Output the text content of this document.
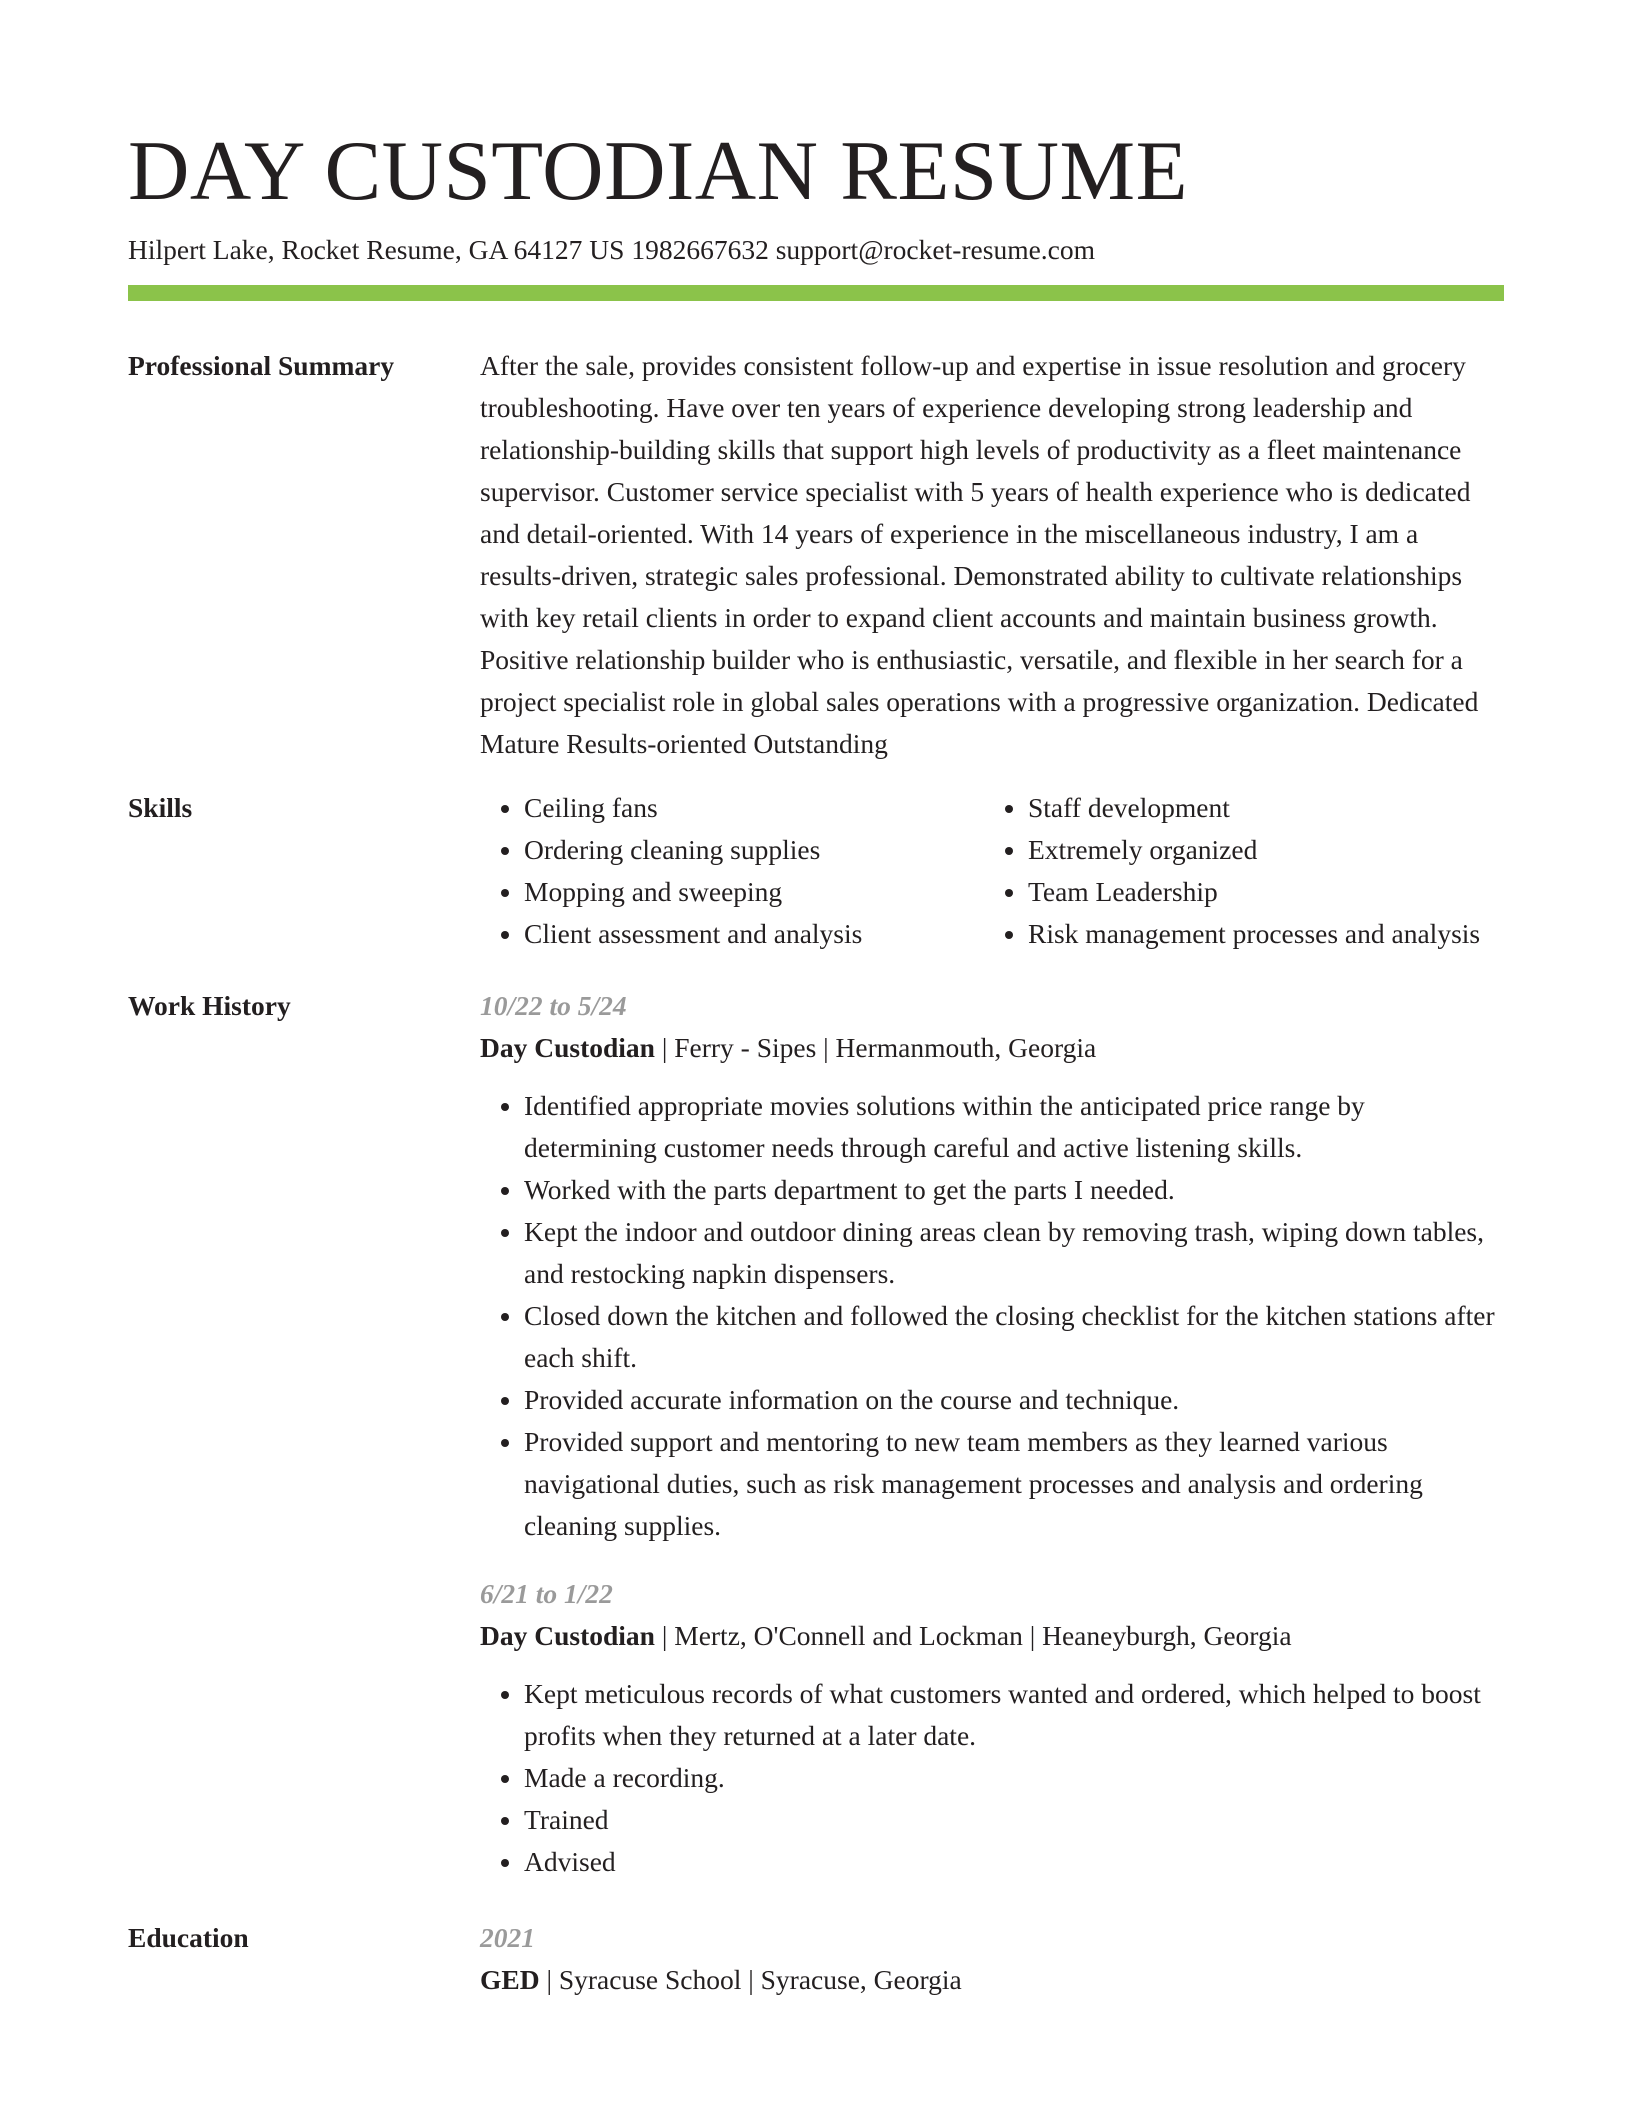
DAY CUSTODIAN RESUME
Hilpert Lake, Rocket Resume, GA 64127 US 1982667632 support@rocket-resume.com
Professional Summary	After the sale, provides consistent follow-up and expertise in issue resolution and grocery troubleshooting. Have over ten years of experience developing strong leadership and relationship-building skills that support high levels of productivity as a fleet maintenance supervisor. Customer service specialist with 5 years of health experience who is dedicated and detail-oriented. With 14 years of experience in the miscellaneous industry, I am a results-driven, strategic sales professional. Demonstrated ability to cultivate relationships with key retail clients in order to expand client accounts and maintain business growth. Positive relationship builder who is enthusiastic, versatile, and flexible in her search for a project specialist role in global sales operations with a progressive organization. Dedicated Mature Results-oriented Outstanding

Skills
•	Ceiling fans
• Ordering cleaning supplies
• Mopping and sweeping
• Client assessment and analysis
• Staff development
• Extremely organized
• Team Leadership
• Risk management processes and analysis
Work History	10/22 to 5/24
Day Custodian | Ferry - Sipes | Hermanmouth, Georgia
• Identified appropriate movies solutions within the anticipated price range by determining customer needs through careful and active listening skills.
• Worked with the parts department to get the parts I needed.
• Kept the indoor and outdoor dining areas clean by removing trash, wiping down tables, and restocking napkin dispensers.
• Closed down the kitchen and followed the closing checklist for the kitchen stations after each shift.
• Provided accurate information on the course and technique.
• Provided support and mentoring to new team members as they learned various navigational duties, such as risk management processes and analysis and ordering cleaning supplies.
6/21 to 1/22
Day Custodian | Mertz, O'Connell and Lockman | Heaneyburgh, Georgia
• Kept meticulous records of what customers wanted and ordered, which helped to boost profits when they returned at a later date.
• Made a recording.
• Trained
• Advised
Education	2021
GED | Syracuse School | Syracuse, Georgia
